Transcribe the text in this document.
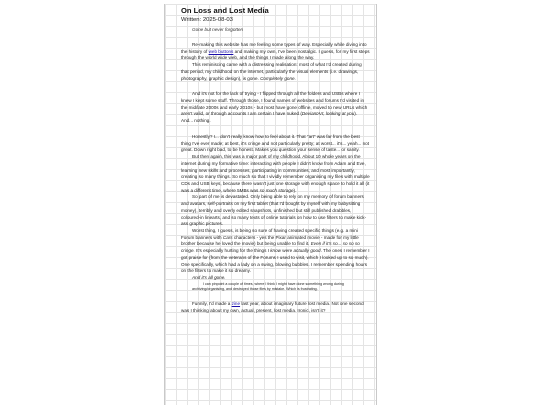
On Loss and Lost Media
Written: 2025-08-03
Gone but never forgotten

Re-making this website has me feeling some types of way. Especially while diving into the history of web buttons and making my own, I've been nostalgic. I guess, for my first steps through the world wide web, and the things I made along the way.

This reminiscing came with a distressing realisation: most of what I'd created during that period, my childhood on the internet, particularly the visual elements (i.e. drawings, photography, graphic design), is gone. Completely gone.

And it's not for the lack of trying - I flipped through all the folders and USBs where I knew I kept some stuff. Through those, I found names of websites and forums I'd visited in the mid/late 2000s and early 2010s - but most have gone offline, moved to new URLs which aren't valid, or through accounts I am certain I have nuked (DeviantArt, looking at you). And... nothing.

Honestly? I... don't really know how to feel about it. That "art" was far from the best thing I've ever made; at best, it's cringe and not particularly pretty; at worst... it's... yeah... not great. Down right bad, to be honest. Makes you question your sense of taste... or sanity.

But then again, this was a major part of my childhood. About 10 whole years on the internet during my formative time: interacting with people I didn't know from Adam and Eve, learning new skills and processes, participating in communities, and most importantly, creating so many things. So much so that I vividly remember organising my files with multiple CDs and USB keys, because there wasn't just one storage with enough space to hold it all (it was a different time, where 5MBs was so much storage).

So part of me is devastated. Only being able to rely on my memory of forum banners and avatars, self-portraits on my first tablet (that I'd bought by myself with my babysitting money), terribly and overly edited snapshots, unfinished but still published drabbles, coloured-in linearts, and so many texts of online tutorials on how to use filters to make kick-ass graphic pictures.

Worst thing, I guess, is being so sure of having created specific things (e.g. a mini Forum banners with Cars characters - yes the Pixar animated movie - made for my little brother because he loved the movie) but being unable to find it. Even if it's so... so so so cringe. It's especially hurting for the things I know were actually good. The ones I remember I got praise for (from the veterans of the Forums I used to visit, which I looked up to so much). One specifically, which had a lady on a swing, blowing bubbles. I remember spending hours on the filters to make it so dreamy.

And it's all gone.

I can pinpoint a couple of times, where I think I might have done something wrong during archiving/organising, and destroyed those files by mistake. Which is frustrating.

Funnily, I'd made a zine last year, about imaginary future lost media. Not one second was I thinking about my own, actual, present, lost media. Ironic, isn't it?
